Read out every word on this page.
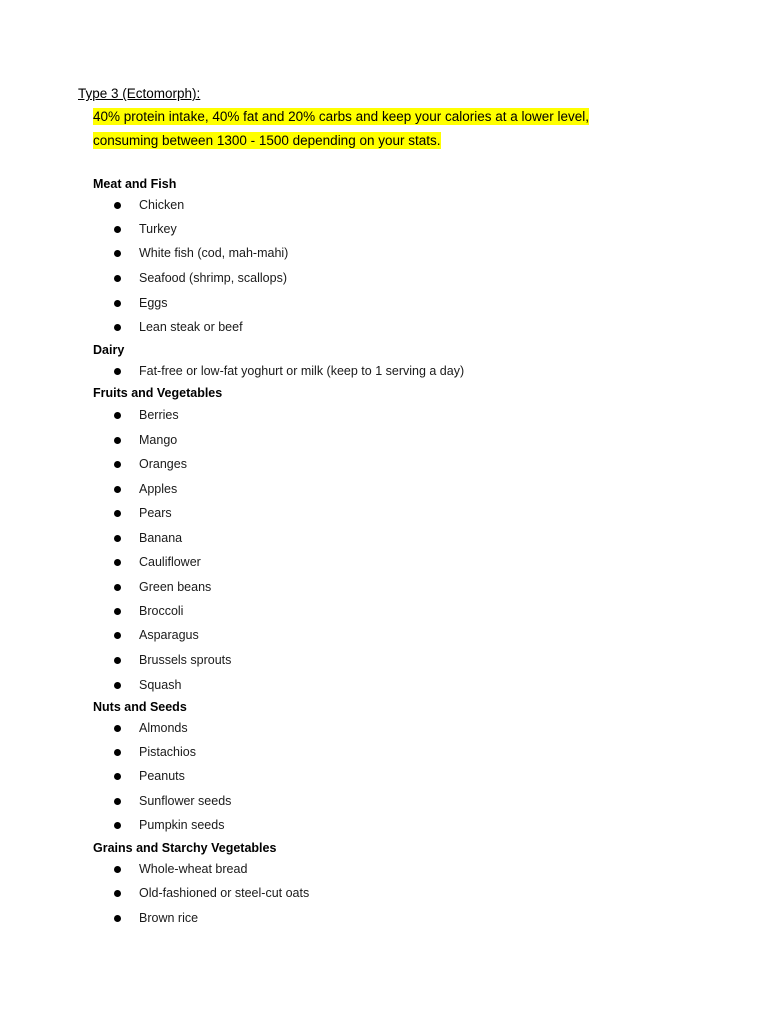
Type 3 (Ectomorph):
40% protein intake, 40% fat and 20% carbs and keep your calories at a lower level,
consuming between 1300 - 1500 depending on your stats.
Meat and Fish
Chicken
Turkey
White fish (cod, mah-mahi)
Seafood (shrimp, scallops)
Eggs
Lean steak or beef
Dairy
Fat-free or low-fat yoghurt or milk (keep to 1 serving a day)
Fruits and Vegetables
Berries
Mango
Oranges
Apples
Pears
Banana
Cauliflower
Green beans
Broccoli
Asparagus
Brussels sprouts
Squash
Nuts and Seeds
Almonds
Pistachios
Peanuts
Sunflower seeds
Pumpkin seeds
Grains and Starchy Vegetables
Whole-wheat bread
Old-fashioned or steel-cut oats
Brown rice
